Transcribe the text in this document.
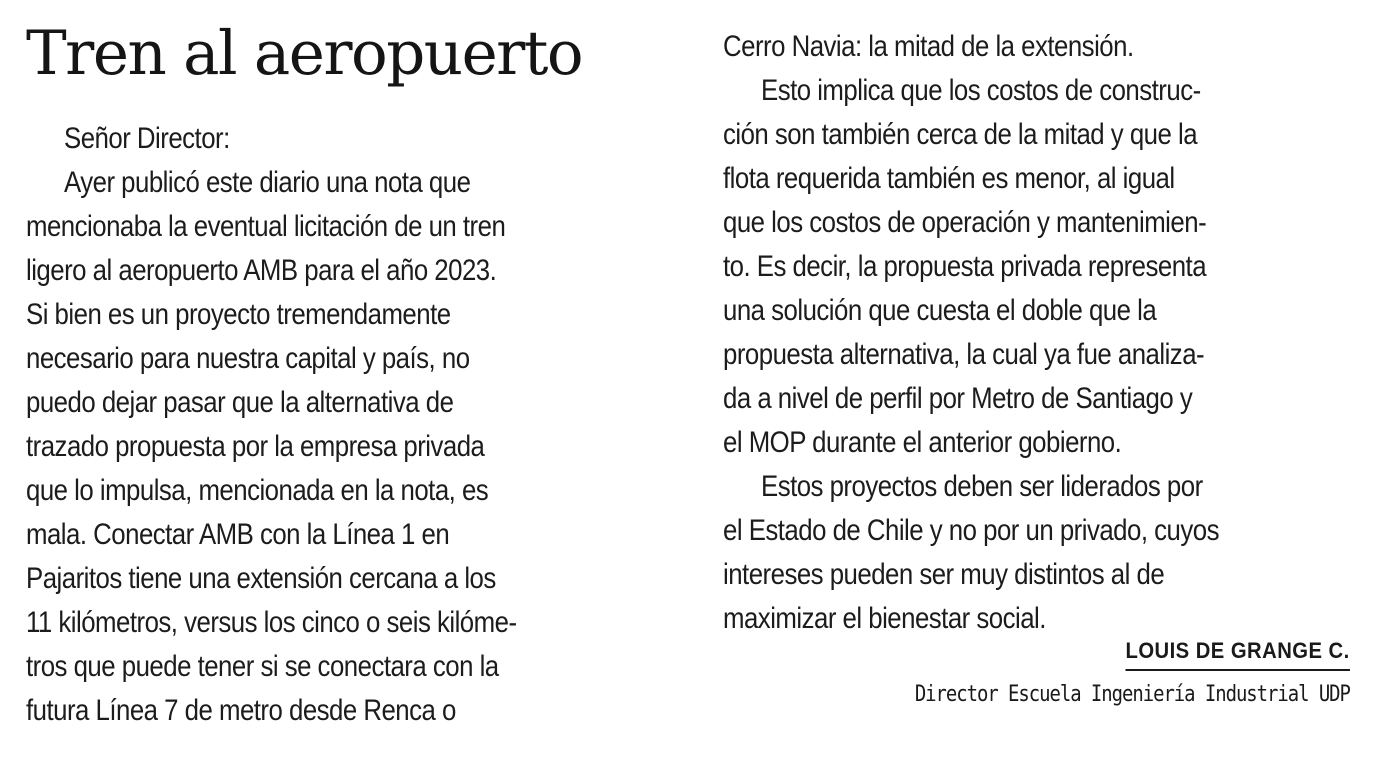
Tren al aeropuerto
Señor Director:
Ayer publicó este diario una nota que
mencionaba la eventual licitación de un tren
ligero al aeropuerto AMB para el año 2023.
Si bien es un proyecto tremendamente
necesario para nuestra capital y país, no
puedo dejar pasar que la alternativa de
trazado propuesta por la empresa privada
que lo impulsa, mencionada en la nota, es
mala. Conectar AMB con la Línea 1 en
Pajaritos tiene una extensión cercana a los
11 kilómetros, versus los cinco o seis kilóme-
tros que puede tener si se conectara con la
futura Línea 7 de metro desde Renca o
Cerro Navia: la mitad de la extensión.
Esto implica que los costos de construc-
ción son también cerca de la mitad y que la
flota requerida también es menor, al igual
que los costos de operación y mantenimien-
to. Es decir, la propuesta privada representa
una solución que cuesta el doble que la
propuesta alternativa, la cual ya fue analiza-
da a nivel de perfil por Metro de Santiago y
el MOP durante el anterior gobierno.
Estos proyectos deben ser liderados por
el Estado de Chile y no por un privado, cuyos
intereses pueden ser muy distintos al de
maximizar el bienestar social.
LOUIS DE GRANGE C.
Director Escuela Ingeniería Industrial UDP
